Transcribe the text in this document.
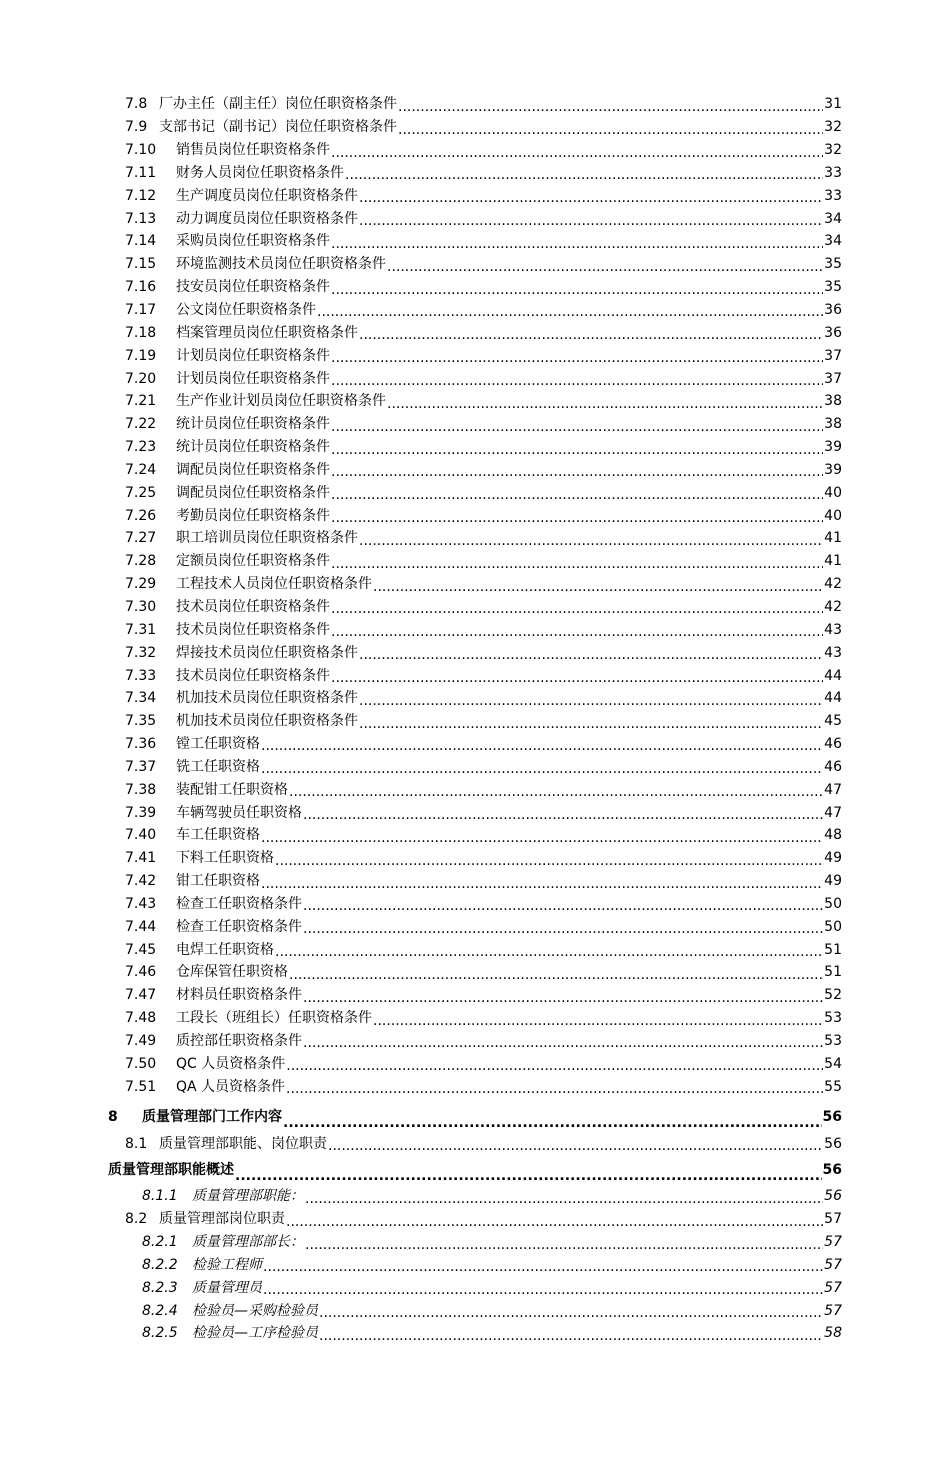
7.8 厂办主任（副主任）岗位任职资格条件 .....	31
7.9 支部书记（副书记）岗位任职资格条件 .....	32
7.10	销售员岗位任职资格条件 .....	32
7.11	财务人员岗位任职资格条件 .....	33
7.12	生产调度员岗位任职资格条件 .....	33
7.13	动力调度员岗位任职资格条件 .....	34
7.14	采购员岗位任职资格条件 .....	34
7.15	环境监测技术员岗位任职资格条件 .....	35
7.16	技安员岗位任职资格条件 .....	35
7.17	公文岗位任职资格条件 .....	36
7.18	档案管理员岗位任职资格条件 .....	36
7.19	计划员岗位任职资格条件 .....	37
7.20	计划员岗位任职资格条件 .....	37
7.21	生产作业计划员岗位任职资格条件 .....	38
7.22	统计员岗位任职资格条件 .....	38
7.23	统计员岗位任职资格条件 .....	39
7.24	调配员岗位任职资格条件 .....	39
7.25	调配员岗位任职资格条件 .....	40
7.26	考勤员岗位任职资格条件 .....	40
7.27	职工培训员岗位任职资格条件 .....	41
7.28	定额员岗位任职资格条件 .....	41
7.29	工程技术人员岗位任职资格条件 .....	42
7.30	技术员岗位任职资格条件 .....	42
7.31	技术员岗位任职资格条件 .....	43
7.32	焊接技术员岗位任职资格条件 .....	43
7.33	技术员岗位任职资格条件 .....	44
7.34	机加技术员岗位任职资格条件 .....	44
7.35	机加技术员岗位任职资格条件 .....	45
7.36	镗工任职资格 .....	46
7.37	铣工任职资格 .....	46
7.38	装配钳工任职资格 .....	47
7.39	车辆驾驶员任职资格 .....	47
7.40	车工任职资格 .....	48
7.41	下料工任职资格 .....	49
7.42	钳工任职资格 .....	49
7.43	检查工任职资格条件 .....	50
7.44	检查工任职资格条件 .....	50
7.45	电焊工任职资格 .....	51
7.46	仓库保管任职资格 .....	51
7.47	材料员任职资格条件 .....	52
7.48	工段长（班组长）任职资格条件 .....	53
7.49	质控部任职资格条件 .....	53
7.50	QC 人员资格条件 .....	54
7.51	QA 人员资格条件 .....	55
8	质量管理部门工作内容 .....	56
8.1 质量管理部职能、岗位职责 .....	56
质量管理部职能概述 .....	56
8.1.1	质量管理部职能： .....	56
8.2 质量管理部岗位职责 .....	57
8.2.1	质量管理部部长： .....	57
8.2.2	检验工程师 .....	57
8.2.3	质量管理员 .....	57
8.2.4	检验员—采购检验员 .....	57
8.2.5	检验员—工序检验员 .....	58
